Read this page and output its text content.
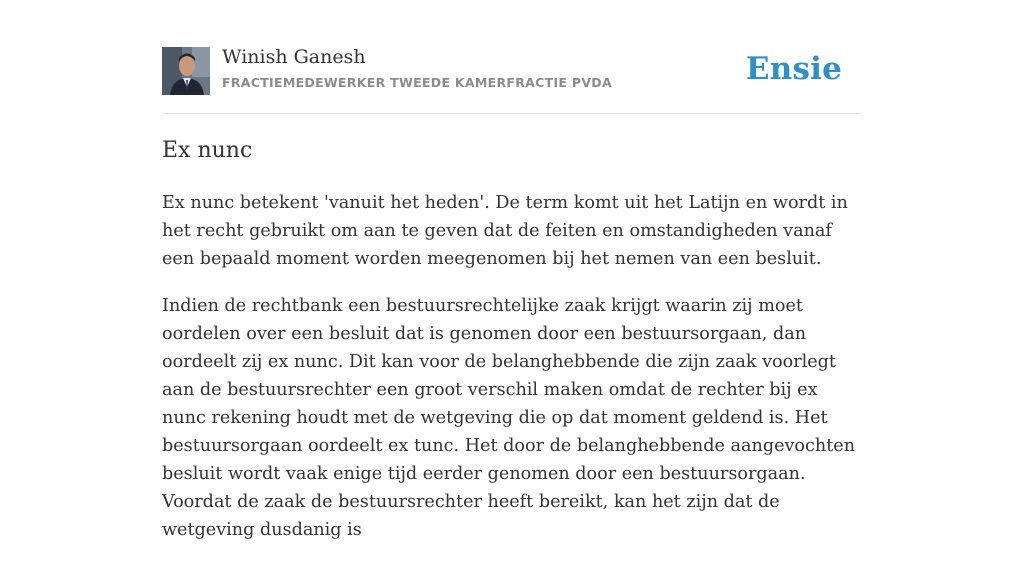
Winish Ganesh
FRACTIEMEDEWERKER TWEEDE KAMERFRACTIE PVDA	Ensie
Ex nunc

Ex nunc betekent 'vanuit het heden'. De term komt uit het Latijn en wordt in het recht gebruikt om aan te geven dat de feiten en omstandigheden vanaf een bepaald moment worden meegenomen bij het nemen van een besluit.

Indien de rechtbank een bestuursrechtelijke zaak krijgt waarin zij moet oordelen over een besluit dat is genomen door een bestuursorgaan, dan oordeelt zij ex nunc. Dit kan voor de belanghebbende die zijn zaak voorlegt aan de bestuursrechter een groot verschil maken omdat de rechter bij ex nunc rekening houdt met de wetgeving die op dat moment geldend is. Het bestuursorgaan oordeelt ex tunc. Het door de belanghebbende aangevochten besluit wordt vaak enige tijd eerder genomen door een bestuursorgaan. Voordat de zaak de bestuursrechter heeft bereikt, kan het zijn dat de wetgeving dusdanig is
